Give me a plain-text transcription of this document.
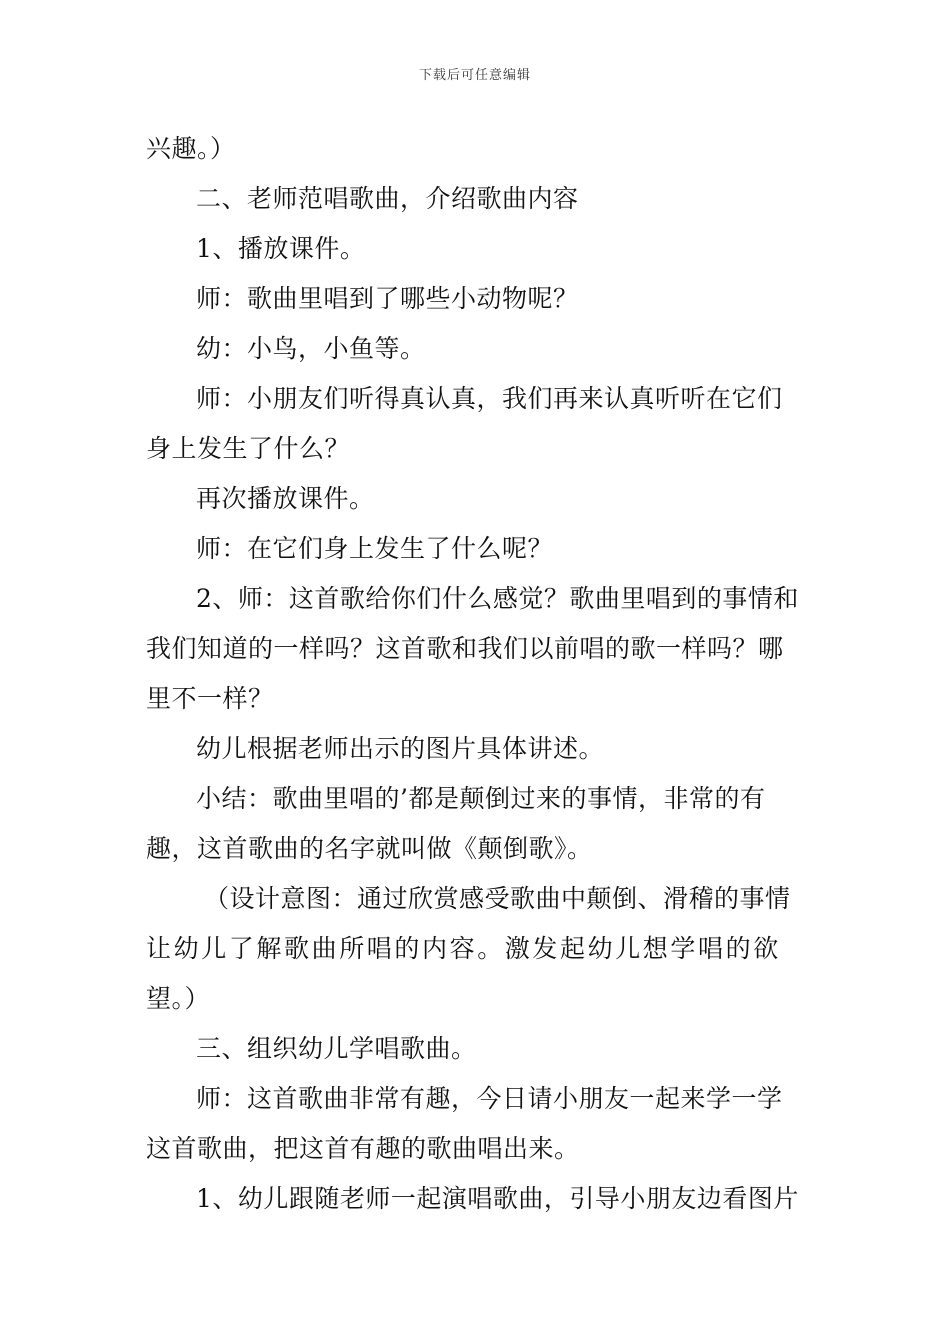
下载后可任意编辑

兴趣。）

二、老师范唱歌曲，介绍歌曲内容

1、播放课件。

师：歌曲里唱到了哪些小动物呢？

幼：小鸟，小鱼等。

师：小朋友们听得真认真，我们再来认真听听在它们

身上发生了什么？

再次播放课件。

师：在它们身上发生了什么呢？

2、师：这首歌给你们什么感觉？歌曲里唱到的事情和

我们知道的一样吗？这首歌和我们以前唱的歌一样吗？哪

里不一样？

幼儿根据老师出示的图片具体讲述。

小结：歌曲里唱的’都是颠倒过来的事情，非常的有

趣，这首歌曲的名字就叫做《颠倒歌》。

（设计意图：通过欣赏感受歌曲中颠倒、滑稽的事情

让幼儿了解歌曲所唱的内容。激发起幼儿想学唱的欲

望。）

三、组织幼儿学唱歌曲。

师：这首歌曲非常有趣，今日请小朋友一起来学一学

这首歌曲，把这首有趣的歌曲唱出来。

1、幼儿跟随老师一起演唱歌曲，引导小朋友边看图片
